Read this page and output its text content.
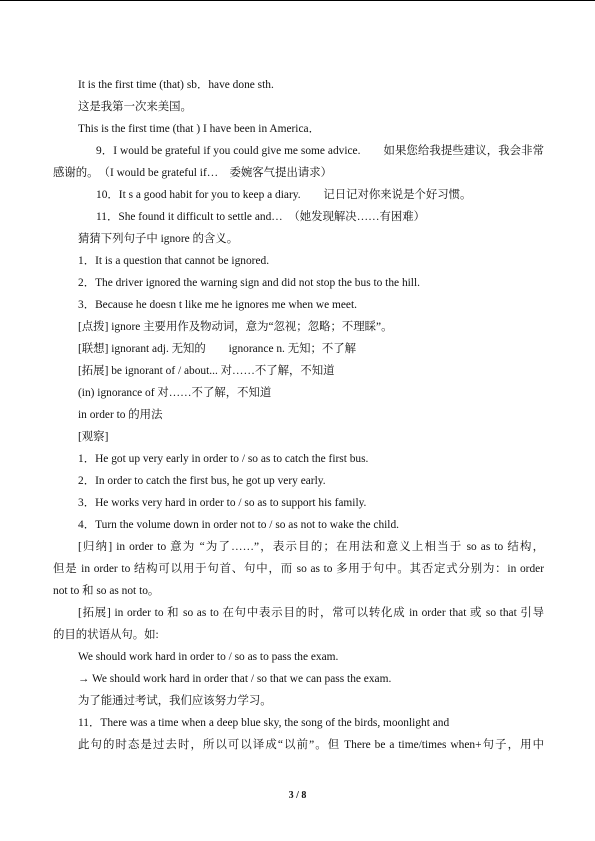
It is the first time (that) sb．have done sth.
这是我第一次来美国。
This is the first time (that ) I have been in America．
9．I would be grateful if you could give me some advice.　　如果您给我提些建议，我会非常
感谢的。　（I would be grateful if…　委婉客气提出请求）
10．It s a good habit for you to keep a diary.　　记日记对你来说是个好习惯。
11．She found it difficult to settle and…　（她发现解决……有困难）
猜猜下列句子中 ignore 的含义。
1．It is a question that cannot be ignored.
2．The driver ignored the warning sign and did not stop the bus to the hill.
3．Because he doesn t like me he ignores me when we meet.
[点拨] ignore 主要用作及物动词，意为“忽视；忽略；不理睬”。
[联想] ignorant adj. 无知的　　ignorance n. 无知；不了解
[拓展] be ignorant of / about... 对……不了解，不知道
(in) ignorance of 对……不了解，不知道
in order to 的用法
[观察]
1．He got up very early in order to / so as to catch the first bus.
2．In order to catch the first bus, he got up very early.
3．He works very hard in order to / so as to support his family.
4．Turn the volume down in order not to / so as not to wake the child.
[归纳] in order to 意为 “为了……”，表示目的；在用法和意义上相当于 so as to 结构，
但是 in order to 结构可以用于句首、句中，而 so as to 多用于句中。其否定式分别为：in order
not to 和 so as not to。
[拓展] in order to 和 so as to 在句中表示目的时，常可以转化成 in order that 或 so that 引导
的目的状语从句。如:
We should work hard in order to / so as to pass the exam.
→ We should work hard in order that / so that we can pass the exam.
为了能通过考试，我们应该努力学习。
11．There was a time when a deep blue sky, the song of the birds, moonlight and
此句的时态是过去时，所以可以译成“以前”。但 There be a time/times when+句子，用中
3 / 8
